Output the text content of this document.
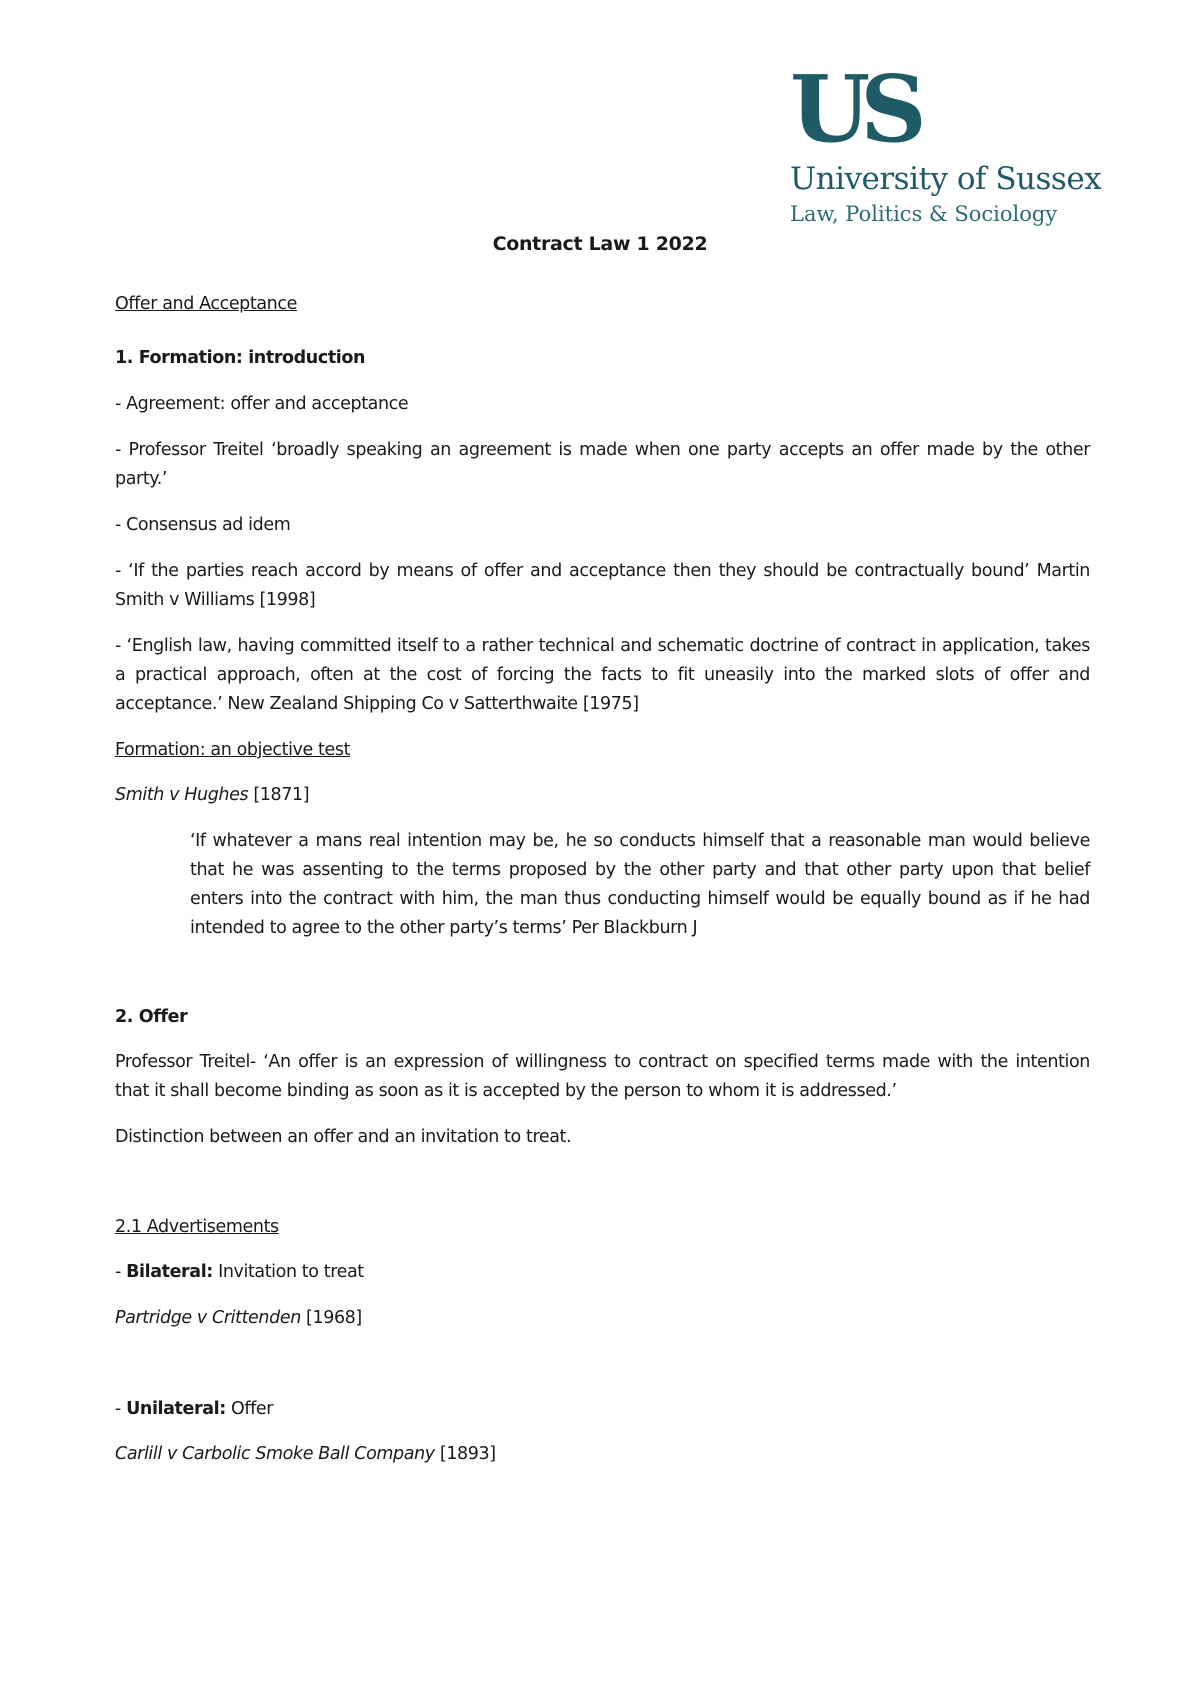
US
University of Sussex
Law, Politics & Sociology
Contract Law 1 2022

Offer and Acceptance

1. Formation: introduction

- Agreement: offer and acceptance

- Professor Treitel ‘broadly speaking an agreement is made when one party accepts an offer made by the other party.’

- Consensus ad idem

- ‘If the parties reach accord by means of offer and acceptance then they should be contractually bound’ Martin Smith v Williams [1998]

- ‘English law, having committed itself to a rather technical and schematic doctrine of contract in application, takes a practical approach, often at the cost of forcing the facts to fit uneasily into the marked slots of offer and acceptance.’ New Zealand Shipping Co v Satterthwaite [1975]

Formation: an objective test

Smith v Hughes [1871]

‘If whatever a mans real intention may be, he so conducts himself that a reasonable man would believe that he was assenting to the terms proposed by the other party and that other party upon that belief enters into the contract with him, the man thus conducting himself would be equally bound as if he had intended to agree to the other party’s terms’ Per Blackburn J

2. Offer

Professor Treitel- ‘An offer is an expression of willingness to contract on specified terms made with the intention that it shall become binding as soon as it is accepted by the person to whom it is addressed.’

Distinction between an offer and an invitation to treat.

2.1 Advertisements

- Bilateral: Invitation to treat

Partridge v Crittenden [1968]

- Unilateral: Offer

Carlill v Carbolic Smoke Ball Company [1893]
